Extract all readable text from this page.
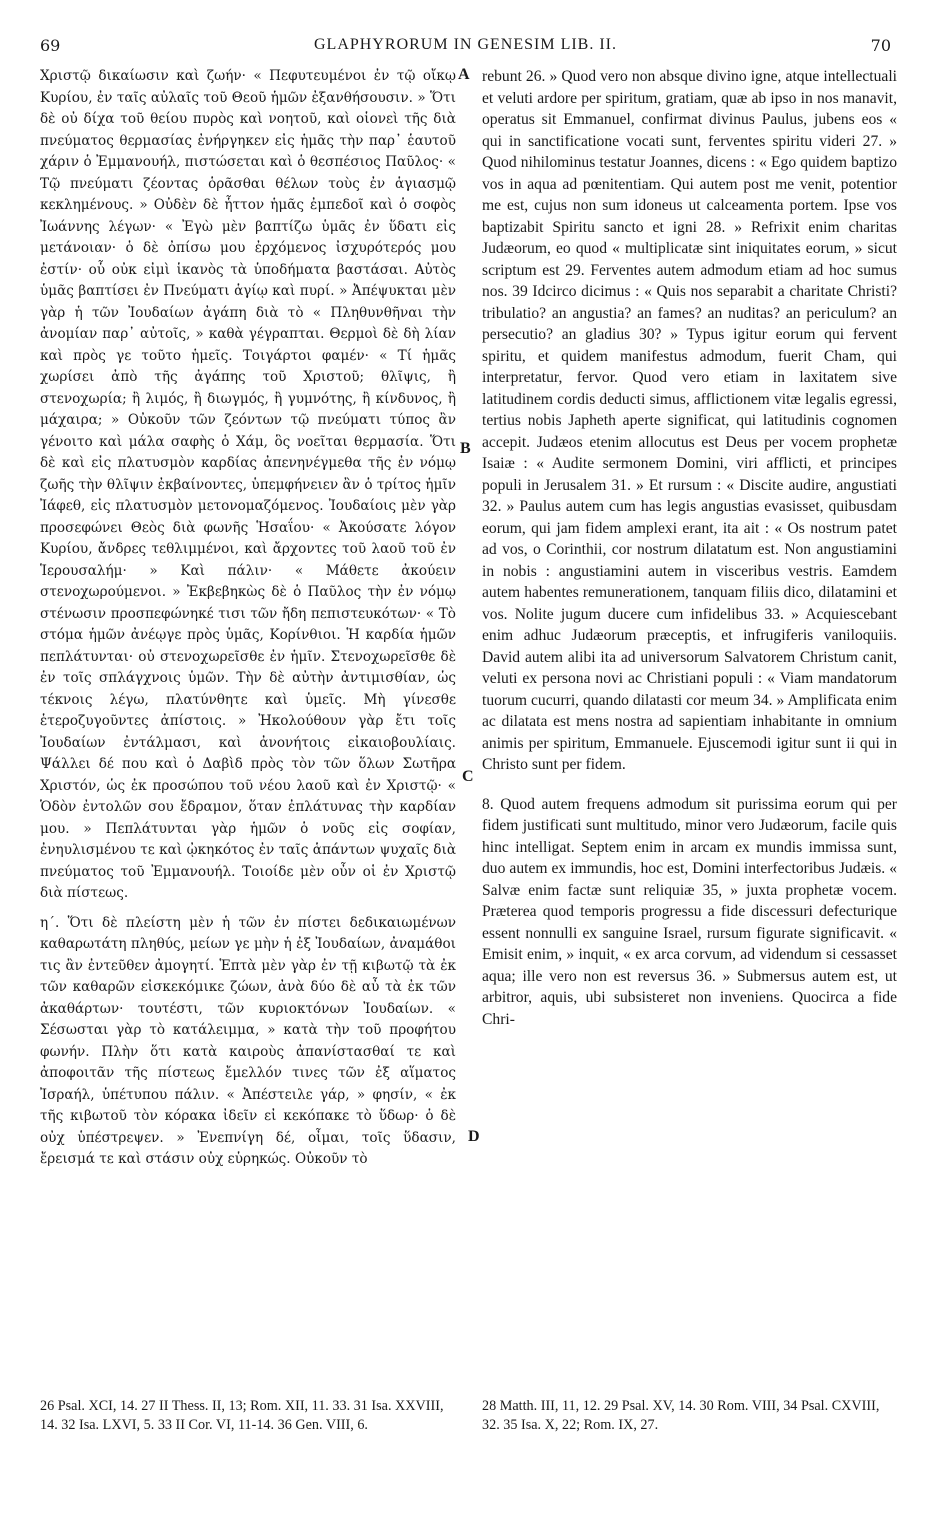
69	GLAPHYRORUM IN GENESIM LIB. II.	70

Χριστῷ δικαίωσιν καὶ ζωήν· « Πεφυτευμένοι ἐν τῷ οἴκῳ Κυρίου, ἐν ταῖς αὐλαῖς τοῦ Θεοῦ ἡμῶν ἐξανθήσουσιν. » Ὅτι δὲ οὐ δίχα τοῦ θείου πυρὸς καὶ νοητοῦ, καὶ οἱονεὶ τῆς διὰ πνεύματος θερμασίας ἐνήργηκεν εἰς ἡμᾶς τὴν παρ᾽ ἑαυτοῦ χάριν ὁ Ἐμμανουήλ, πιστώσεται καὶ ὁ θεσπέσιος Παῦλος· « Τῷ πνεύματι ζέοντας ὁρᾶσθαι θέλων τοὺς ἐν ἁγιασμῷ κεκλημένους. » Οὐδὲν δὲ ἧττον ἡμᾶς ἐμπεδοῖ καὶ ὁ σοφὸς Ἰωάννης λέγων· « Ἐγὼ μὲν βαπτίζω ὑμᾶς ἐν ὕδατι εἰς μετάνοιαν· ὁ δὲ ὀπίσω μου ἐρχόμενος ἰσχυρότερός μου ἐστίν· οὗ οὐκ εἰμὶ ἱκανὸς τὰ ὑποδήματα βαστάσαι. Αὐτὸς ὑμᾶς βαπτίσει ἐν Πνεύματι ἁγίῳ καὶ πυρί. » Ἀπέψυκται μὲν γὰρ ἡ τῶν Ἰουδαίων ἀγάπη διὰ τὸ « Πληθυνθῆναι τὴν ἀνομίαν παρ᾽ αὐτοῖς, » καθὰ γέγραπται. Θερμοὶ δὲ δὴ λίαν καὶ πρὸς γε τοῦτο ἡμεῖς. Τοιγάρτοι φαμέν· « Τί ἡμᾶς χωρίσει ἀπὸ τῆς ἀγάπης τοῦ Χριστοῦ; θλῖψις, ἢ στενοχωρία; ἢ λιμός, ἢ διωγμός, ἢ γυμνότης, ἢ κίνδυνος, ἢ μάχαιρα; » Οὐκοῦν τῶν ζεόντων τῷ πνεύματι τύπος ἂν γένοιτο καὶ μάλα σαφὴς ὁ Χάμ, ὃς νοεῖται θερμασία. Ὅτι δὲ καὶ εἰς πλατυσμὸν καρδίας ἀπενηνέγμεθα τῆς ἐν νόμῳ ζωῆς τὴν θλῖψιν ἐκβαίνοντες, ὑπεμφήνειεν ἂν ὁ τρίτος ἡμῖν Ἰάφεθ, εἰς πλατυσμὸν μετονομαζόμενος. Ἰουδαίοις μὲν γὰρ προσεφώνει Θεὸς διὰ φωνῆς Ἡσαΐου· « Ἀκούσατε λόγον Κυρίου, ἄνδρες τεθλιμμένοι, καὶ ἄρχοντες τοῦ λαοῦ τοῦ ἐν Ἱερουσαλήμ· » Καὶ πάλιν· « Μάθετε ἀκούειν στενοχωρούμενοι. » Ἐκβεβηκὼς δὲ ὁ Παῦλος τὴν ἐν νόμῳ στένωσιν προσπεφώνηκέ τισι τῶν ἤδη πεπιστευκότων· « Τὸ στόμα ἡμῶν ἀνέῳγε πρὸς ὑμᾶς, Κορίνθιοι. Ἡ καρδία ἡμῶν πεπλάτυνται· οὐ στενοχωρεῖσθε ἐν ἡμῖν. Στενοχωρεῖσθε δὲ ἐν τοῖς σπλάγχνοις ὑμῶν. Τὴν δὲ αὐτὴν ἀντιμισθίαν, ὡς τέκνοις λέγω, πλατύνθητε καὶ ὑμεῖς. Μὴ γίνεσθε ἑτεροζυγοῦντες ἀπίστοις. » Ἠκολούθουν γὰρ ἔτι τοῖς Ἰουδαίων ἐντάλμασι, καὶ ἀνονήτοις εἰκαιοβουλίαις. Ψάλλει δέ που καὶ ὁ Δαβὶδ πρὸς τὸν τῶν ὅλων Σωτῆρα Χριστόν, ὡς ἐκ προσώπου τοῦ νέου λαοῦ καὶ ἐν Χριστῷ· « Ὁδὸν ἐντολῶν σου ἔδραμον, ὅταν ἐπλάτυνας τὴν καρδίαν μου. » Πεπλάτυνται γὰρ ἡμῶν ὁ νοῦς εἰς σοφίαν, ἐνηυλισμένου τε καὶ ᾠκηκότος ἐν ταῖς ἁπάντων ψυχαῖς διὰ πνεύματος τοῦ Ἐμμανουήλ. Τοιοίδε μὲν οὖν οἱ ἐν Χριστῷ διὰ πίστεως.

η΄. Ὅτι δὲ πλείστη μὲν ἡ τῶν ἐν πίστει δεδικαιωμένων καθαρωτάτη πληθύς, μείων γε μὴν ἡ ἐξ Ἰουδαίων, ἀναμάθοι τις ἂν ἐντεῦθεν ἀμογητί. Ἑπτὰ μὲν γὰρ ἐν τῇ κιβωτῷ τὰ ἐκ τῶν καθαρῶν εἰσκεκόμικε ζώων, ἀνὰ δύο δὲ αὖ τὰ ἐκ τῶν ἀκαθάρτων· τουτέστι, τῶν κυριοκτόνων Ἰουδαίων. « Σέσωσται γὰρ τὸ κατάλειμμα, » κατὰ τὴν τοῦ προφήτου φωνήν. Πλὴν ὅτι κατὰ καιροὺς ἀπανίστασθαί τε καὶ ἀποφοιτᾶν τῆς πίστεως ἔμελλόν τινες τῶν ἐξ αἵματος Ἰσραήλ, ὑπέτυπου πάλιν. « Ἀπέστειλε γάρ, » φησίν, « ἐκ τῆς κιβωτοῦ τὸν κόρακα ἰδεῖν εἰ κεκόπακε τὸ ὕδωρ· ὁ δὲ οὐχ ὑπέστρεψεν. » Ἐνεπνίγη δέ, οἶμαι, τοῖς ὕδασιν, ἔρεισμά τε καὶ στάσιν οὐχ εὑρηκώς. Οὐκοῦν τὸ

A
B
C
D

rebunt 26. » Quod vero non absque divino igne, atque intellectuali et veluti ardore per spiritum, gratiam, quæ ab ipso in nos manavit, operatus sit Emmanuel, confirmat divinus Paulus, jubens eos « qui in sanctificatione vocati sunt, ferventes spiritu videri 27. » Quod nihilominus testatur Joannes, dicens : « Ego quidem baptizo vos in aqua ad pœnitentiam. Qui autem post me venit, potentior me est, cujus non sum idoneus ut calceamenta portem. Ipse vos baptizabit Spiritu sancto et igni 28. » Refrixit enim charitas Judæorum, eo quod « multiplicatæ sint iniquitates eorum, » sicut scriptum est 29. Ferventes autem admodum etiam ad hoc sumus nos. 39 Idcirco dicimus : « Quis nos separabit a charitate Christi? tribulatio? an angustia? an fames? an nuditas? an periculum? an persecutio? an gladius 30? » Typus igitur eorum qui fervent spiritu, et quidem manifestus admodum, fuerit Cham, qui interpretatur, fervor. Quod vero etiam in laxitatem sive latitudinem cordis deducti simus, afflictionem vitæ legalis egressi, tertius nobis Japheth aperte significat, qui latitudinis cognomen accepit. Judæos etenim allocutus est Deus per vocem prophetæ Isaiæ : « Audite sermonem Domini, viri afflicti, et principes populi in Jerusalem 31. » Et rursum : « Discite audire, angustiati 32. » Paulus autem cum has legis angustias evasisset, quibusdam eorum, qui jam fidem amplexi erant, ita ait : « Os nostrum patet ad vos, o Corinthii, cor nostrum dilatatum est. Non angustiamini in nobis : angustiamini autem in visceribus vestris. Eamdem autem habentes remunerationem, tanquam filiis dico, dilatamini et vos. Nolite jugum ducere cum infidelibus 33. » Acquiescebant enim adhuc Judæorum præceptis, et infrugiferis vaniloquiis. David autem alibi ita ad universorum Salvatorem Christum canit, veluti ex persona novi ac Christiani populi : « Viam mandatorum tuorum cucurri, quando dilatasti cor meum 34. » Amplificata enim ac dilatata est mens nostra ad sapientiam inhabitante in omnium animis per spiritum, Emmanuele. Ejuscemodi igitur sunt ii qui in Christo sunt per fidem.

8. Quod autem frequens admodum sit purissima eorum qui per fidem justificati sunt multitudo, minor vero Judæorum, facile quis hinc intelligat. Septem enim in arcam ex mundis immissa sunt, duo autem ex immundis, hoc est, Domini interfectoribus Judæis. « Salvæ enim factæ sunt reliquiæ 35, » juxta prophetæ vocem. Præterea quod temporis progressu a fide discessuri defecturique essent nonnulli ex sanguine Israel, rursum figurate significavit. « Emisit enim, » inquit, « ex arca corvum, ad videndum si cessasset aqua; ille vero non est reversus 36. » Submersus autem est, ut arbitror, aquis, ubi subsisteret non inveniens. Quocirca a fide Chri-

26 Psal. XCI, 14. 27 II Thess. II, 13; Rom. XII, 11. 33. 31 Isa. XXVIII, 14. 32 Isa. LXVI, 5. 33 II Cor. VI, 11-14. 36 Gen. VIII, 6.
28 Matth. III, 11, 12. 29 Psal. XV, 14. 30 Rom. VIII, 34 Psal. CXVIII, 32. 35 Isa. X, 22; Rom. IX, 27.
